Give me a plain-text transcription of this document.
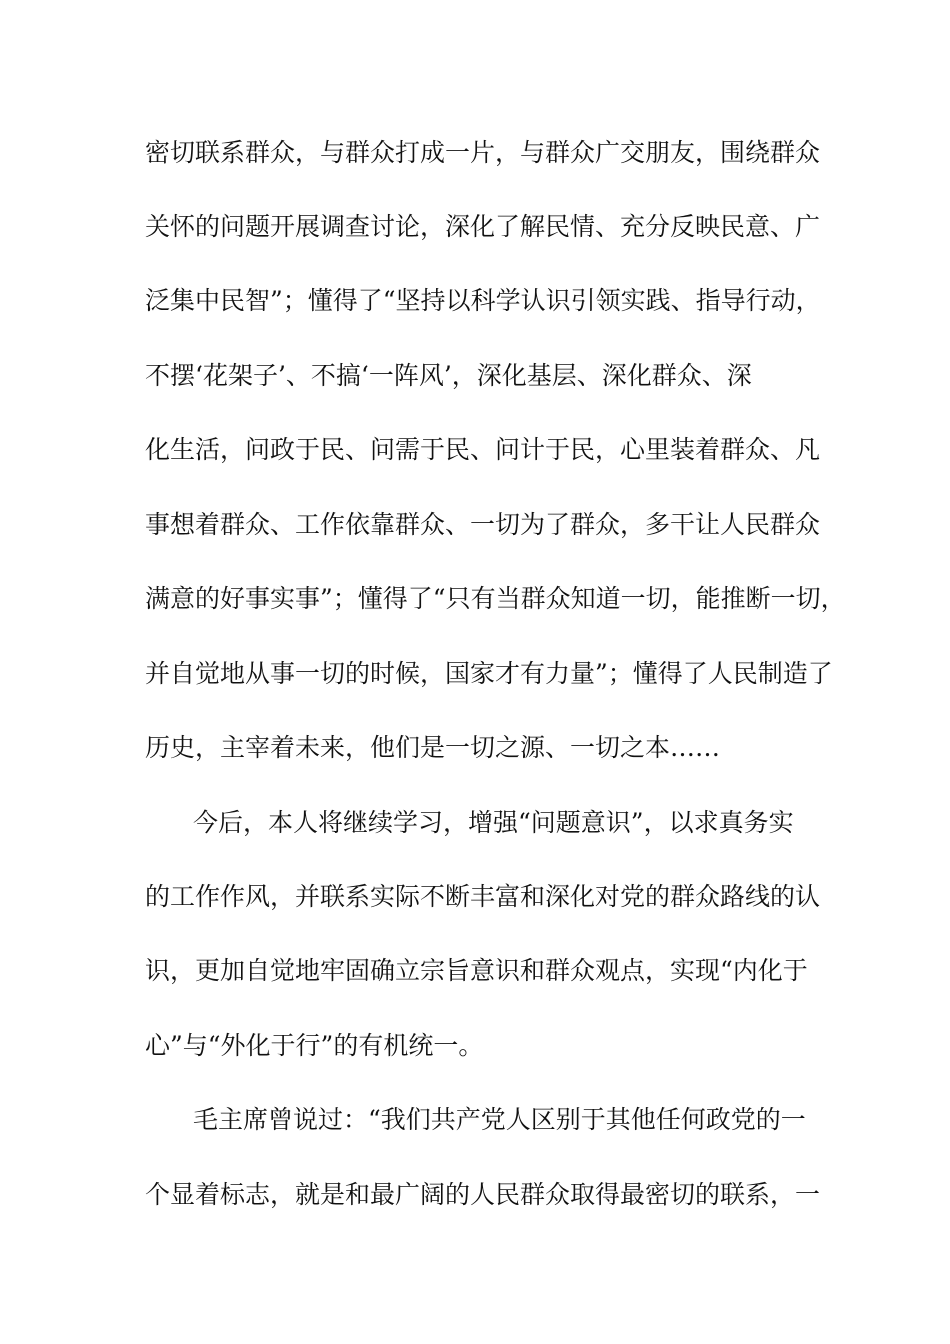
密切联系群众，与群众打成一片，与群众广交朋友，围绕群众
关怀的问题开展调查讨论，深化了解民情、充分反映民意、广
泛集中民智”；懂得了“坚持以科学认识引领实践、指导行动，
不摆‘花架子’、不搞‘一阵风’，深化基层、深化群众、深
化生活，问政于民、问需于民、问计于民，心里装着群众、凡
事想着群众、工作依靠群众、一切为了群众，多干让人民群众
满意的好事实事”；懂得了“只有当群众知道一切，能推断一切，
并自觉地从事一切的时候，国家才有力量”；懂得了人民制造了
历史，主宰着未来，他们是一切之源、一切之本……
今后，本人将继续学习，增强“问题意识”，以求真务实
的工作作风，并联系实际不断丰富和深化对党的群众路线的认
识，更加自觉地牢固确立宗旨意识和群众观点，实现“内化于
心”与“外化于行”的有机统一。
毛主席曾说过：“我们共产党人区别于其他任何政党的一
个显着标志，就是和最广阔的人民群众取得最密切的联系，一
